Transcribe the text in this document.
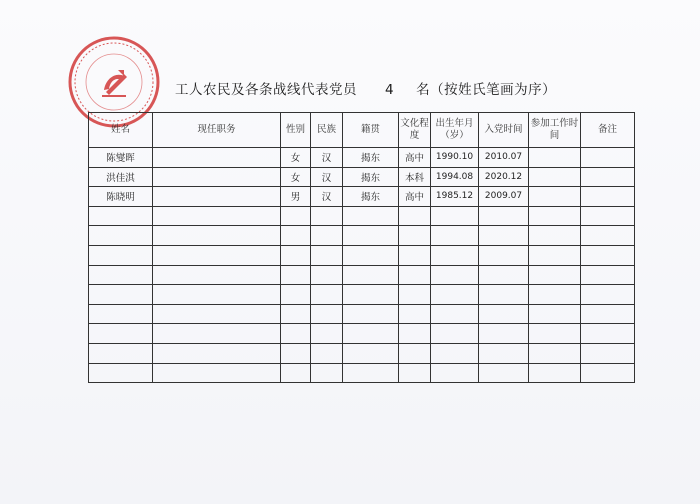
工人农民及各条战线代表党员 4 名（按姓氏笔画为序）
姓名	现任职务	性别	民族	籍贯	文化程度	出生年月（岁）	入党时间	参加工作时间	备注
陈燮晖		女	汉	揭东	高中	1990.10	2010.07		
洪佳淇		女	汉	揭东	本科	1994.08	2020.12		
陈晓明		男	汉	揭东	高中	1985.12	2009.07		
